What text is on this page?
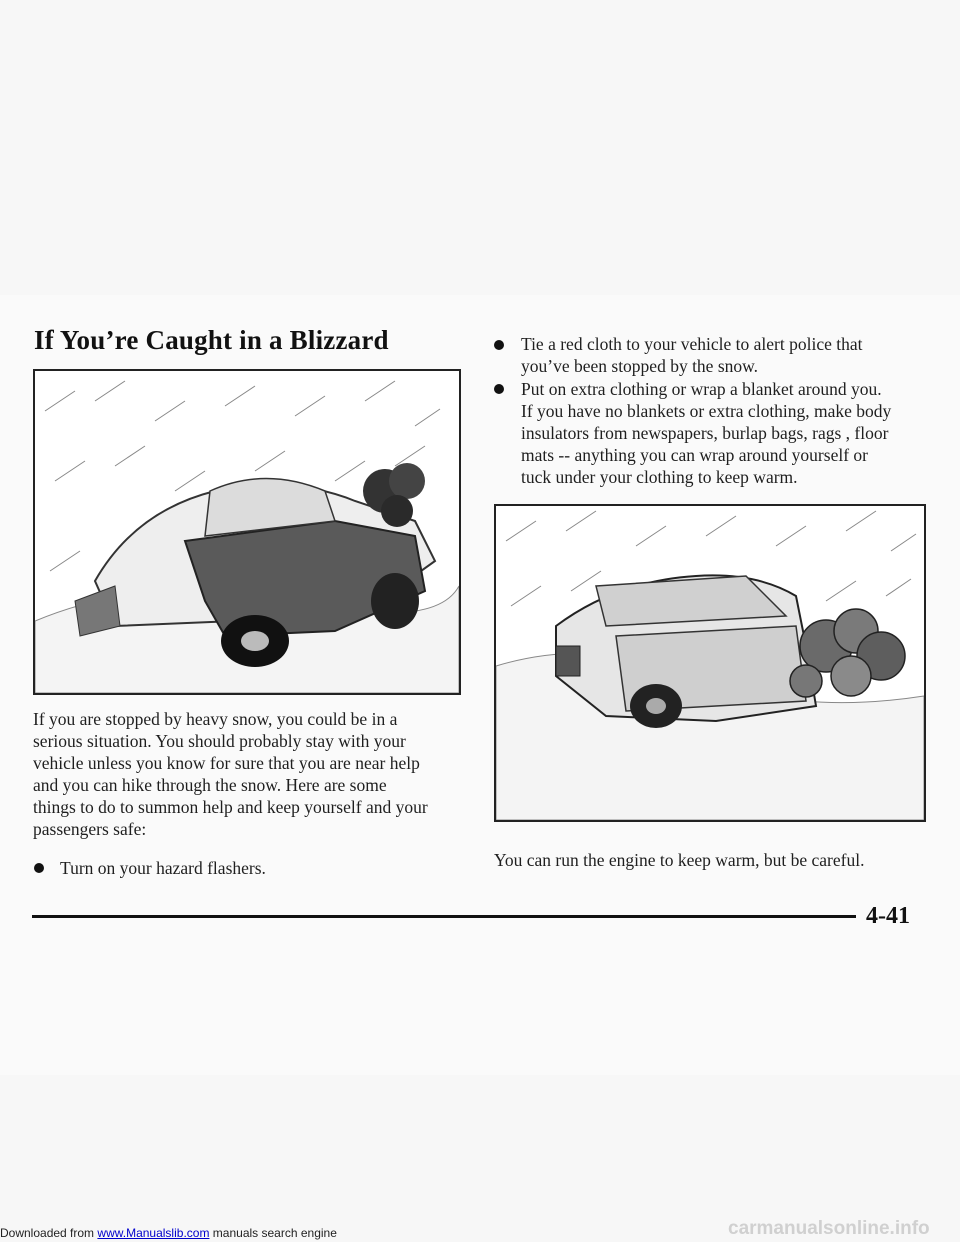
If You’re Caught in a Blizzard
If you are stopped by heavy snow, you could be in a
serious situation. You should probably stay with your
vehicle unless you know for sure that you are near help
and you can hike through the snow. Here are some
things to do to summon help and keep yourself and your
passengers safe:
Turn on your hazard flashers.
Tie a red cloth to your vehicle to alert police that
you’ve been stopped by the snow.
Put on extra clothing or wrap a blanket around you.
If you have no blankets or extra clothing, make body
insulators from newspapers, burlap bags, rags , floor
mats -- anything you can wrap around yourself or
tuck under your clothing to keep warm.
You can run the engine to keep warm, but be careful.
4-41
Downloaded from www.Manualslib.com manuals search engine	carmanualsonline.info
